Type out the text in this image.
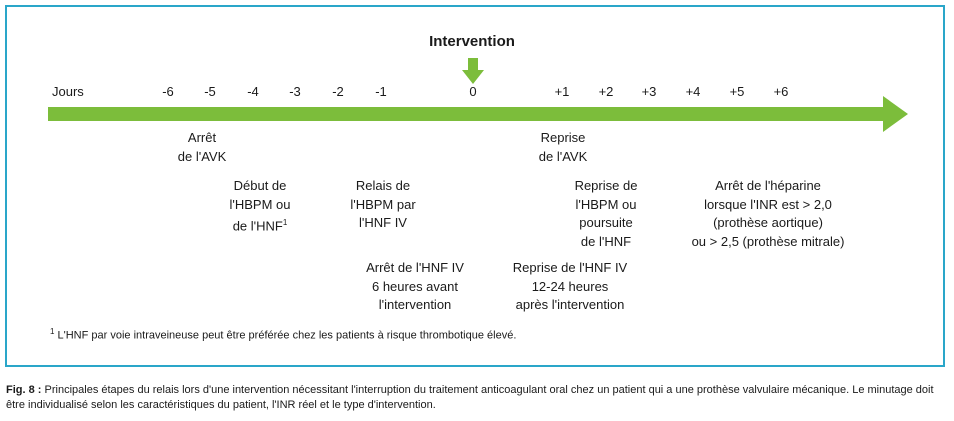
Intervention
Jours	-6	-5	-4	-3	-2	-1	0	+1	+2	+3	+4	+5	+6
Arrêt
de l'AVK
Reprise
de l'AVK
Début de
l'HBPM ou
de l'HNF$^1$
Relais de
l'HBPM par
l'HNF IV
Reprise de
l'HBPM ou
poursuite
de l'HNF
Arrêt de l'héparine
lorsque l'INR est > 2,0
(prothèse aortique)
ou > 2,5 (prothèse mitrale)
Arrêt de l'HNF IV
6 heures avant
l'intervention
Reprise de l'HNF IV
12-24 heures
après l'intervention
$^1$ L'HNF par voie intraveineuse peut être préférée chez les patients à risque thrombotique élevé.
Fig. 8 : Principales étapes du relais lors d'une intervention nécessitant l'interruption du traitement anticoagulant oral chez un patient qui a une prothèse valvulaire mécanique. Le minutage doit être individualisé selon les caractéristiques du patient, l'INR réel et le type d'intervention.
